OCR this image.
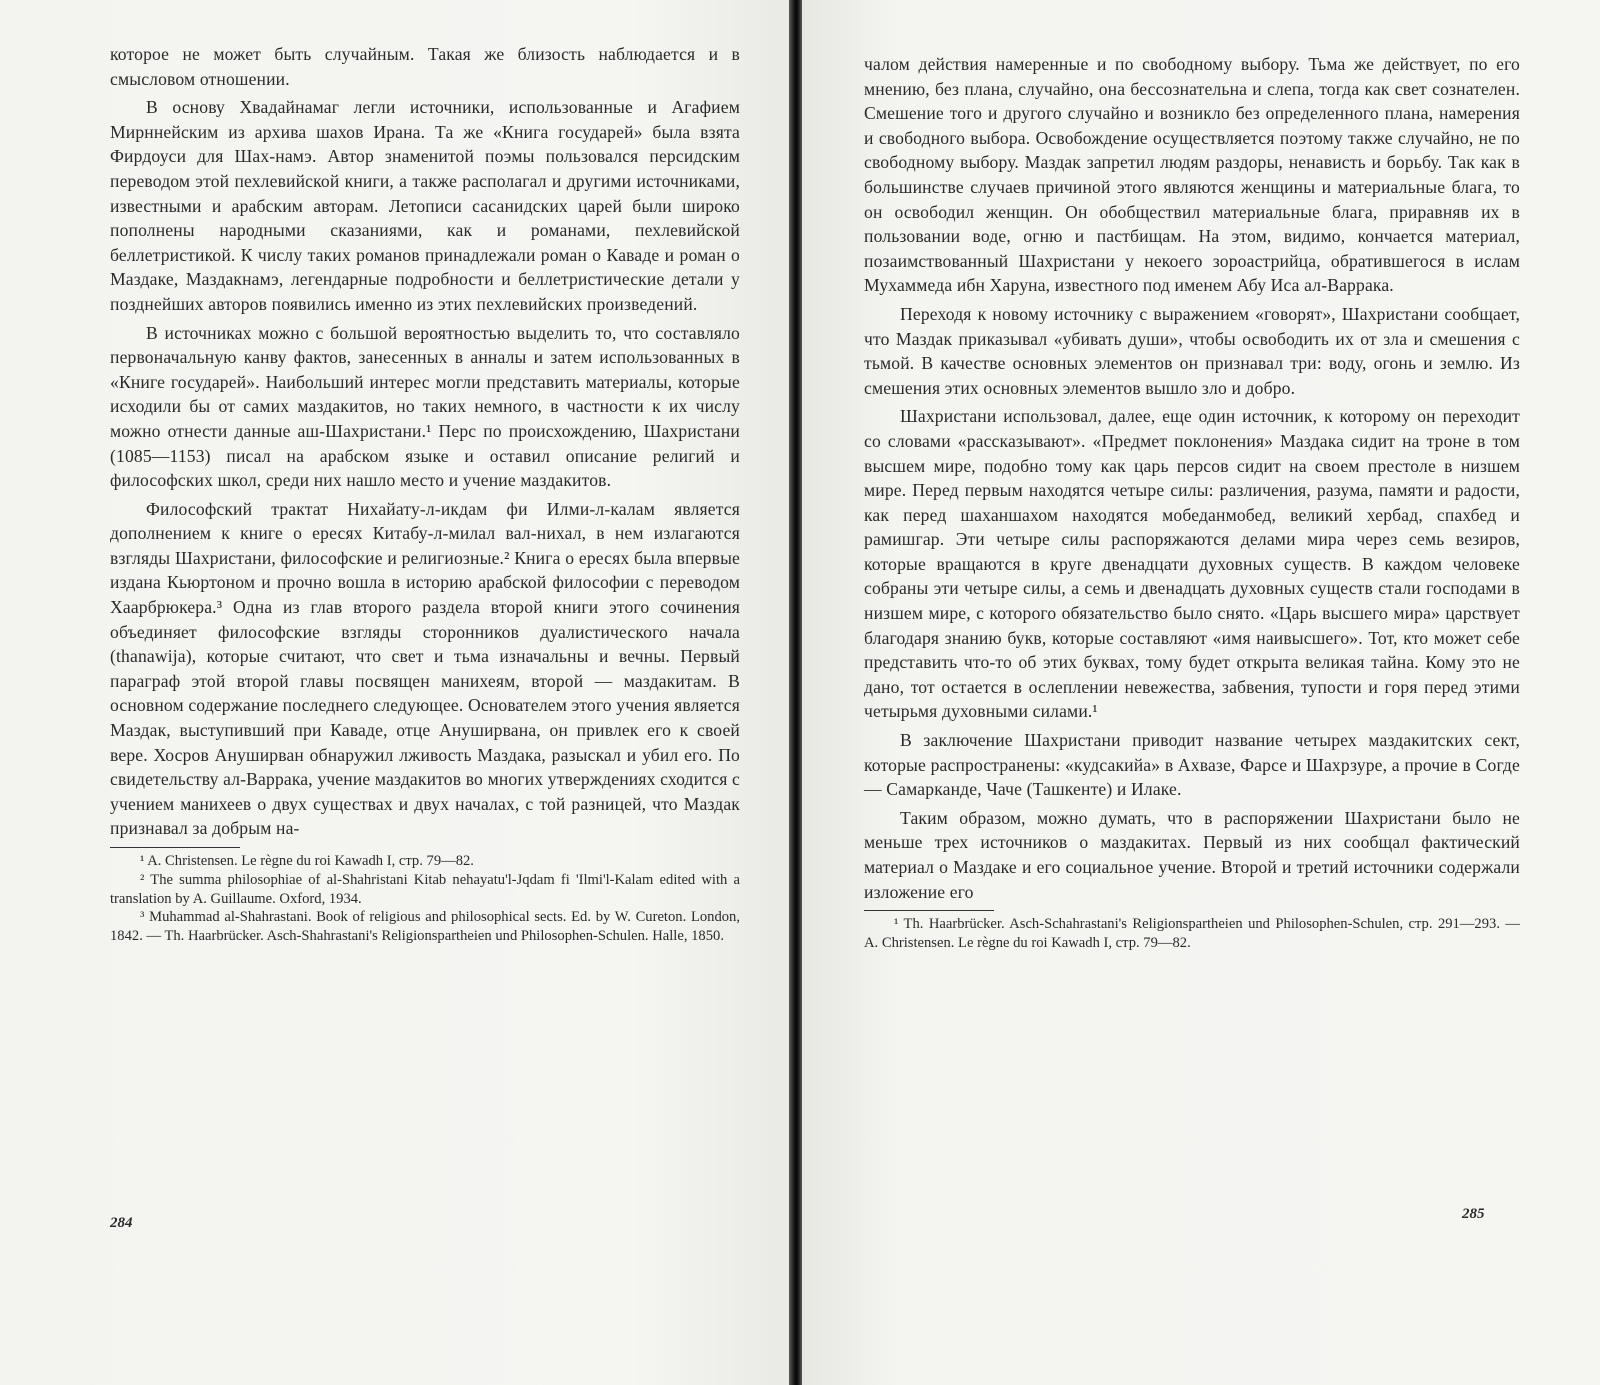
которое не может быть случайным. Такая же близость наблюдается и в смысловом отношении.

В основу Хвадайнамаг легли источники, использованные и Агафием Мирннейским из архива шахов Ирана. Та же «Книга государей» была взята Фирдоуси для Шах-намэ. Автор знаменитой поэмы пользовался персидским переводом этой пехлевийской книги, а также располагал и другими источниками, известными и арабским авторам. Летописи сасанидских царей были широко пополнены народными сказаниями, как и романами, пехлевийской беллетристикой. К числу таких романов принадлежали роман о Каваде и роман о Маздаке, Маздакнамэ, легендарные подробности и беллетристические детали у позднейших авторов появились именно из этих пехлевийских произведений.

В источниках можно с большой вероятностью выделить то, что составляло первоначальную канву фактов, занесенных в анналы и затем использованных в «Книге государей». Наибольший интерес могли представить материалы, которые исходили бы от самих маздакитов, но таких немного, в частности к их числу можно отнести данные аш-Шахристани.¹ Перс по происхождению, Шахристани (1085—1153) писал на арабском языке и оставил описание религий и философских школ, среди них нашло место и учение маздакитов.

Философский трактат Нихайату-л-икдам фи Илми-л-калам является дополнением к книге о ересях Китабу-л-милал вал-нихал, в нем излагаются взгляды Шахристани, философские и религиозные.² Книга о ересях была впервые издана Кьюртоном и прочно вошла в историю арабской философии с переводом Хаарбрюкера.³ Одна из глав второго раздела второй книги этого сочинения объединяет философские взгляды сторонников дуалистического начала (thanawija), которые считают, что свет и тьма изначальны и вечны. Первый параграф этой второй главы посвящен манихеям, второй — маздакитам. В основном содержание последнего следующее. Основателем этого учения является Маздак, выступивший при Каваде, отце Ануширвана, он привлек его к своей вере. Хосров Ануширван обнаружил лживость Маздака, разыскал и убил его. По свидетельству ал-Варрака, учение маздакитов во многих утверждениях сходится с учением манихеев о двух существах и двух началах, с той разницей, что Маздак признавал за добрым на-

¹ A. Christensen. Le règne du roi Kawadh I, стр. 79—82.

² The summa philosophiae of al-Shahristani Kitab nehayatu'l-Jqdam fi 'Ilmi'l-Kalam edited with a translation by A. Guillaume. Oxford, 1934.

³ Muhammad al-Shahrastani. Book of religious and philosophical sects. Ed. by W. Cureton. London, 1842. — Th. Haarbrücker. Asch-Shahrastani's Religionspartheien und Philosophen-Schulen. Halle, 1850.

чалом действия намеренные и по свободному выбору. Тьма же действует, по его мнению, без плана, случайно, она бессознательна и слепа, тогда как свет сознателен. Смешение того и другого случайно и возникло без определенного плана, намерения и свободного выбора. Освобождение осуществляется поэтому также случайно, не по свободному выбору. Маздак запретил людям раздоры, ненависть и борьбу. Так как в большинстве случаев причиной этого являются женщины и материальные блага, то он освободил женщин. Он обобществил материальные блага, приравняв их в пользовании воде, огню и пастбищам. На этом, видимо, кончается материал, позаимствованный Шахристани у некоего зороастрийца, обратившегося в ислам Мухаммеда ибн Харуна, известного под именем Абу Иса ал-Варрака.

Переходя к новому источнику с выражением «говорят», Шахристани сообщает, что Маздак приказывал «убивать души», чтобы освободить их от зла и смешения с тьмой. В качестве основных элементов он признавал три: воду, огонь и землю. Из смешения этих основных элементов вышло зло и добро.

Шахристани использовал, далее, еще один источник, к которому он переходит со словами «рассказывают». «Предмет поклонения» Маздака сидит на троне в том высшем мире, подобно тому как царь персов сидит на своем престоле в низшем мире. Перед первым находятся четыре силы: различения, разума, памяти и радости, как перед шаханшахом находятся мобеданмобед, великий хербад, спахбед и рамишгар. Эти четыре силы распоряжаются делами мира через семь везиров, которые вращаются в круге двенадцати духовных существ. В каждом человеке собраны эти четыре силы, а семь и двенадцать духовных существ стали господами в низшем мире, с которого обязательство было снято. «Царь высшего мира» царствует благодаря знанию букв, которые составляют «имя наивысшего». Тот, кто может себе представить что-то об этих буквах, тому будет открыта великая тайна. Кому это не дано, тот остается в ослеплении невежества, забвения, тупости и горя перед этими четырьмя духовными силами.¹

В заключение Шахристани приводит название четырех маздакитских сект, которые распространены: «кудсакийа» в Ахвазе, Фарсе и Шахрзуре, а прочие в Согде — Самарканде, Чаче (Ташкенте) и Илаке.

Таким образом, можно думать, что в распоряжении Шахристани было не меньше трех источников о маздакитах. Первый из них сообщал фактический материал о Маздаке и его социальное учение. Второй и третий источники содержали изложение его

¹ Th. Haarbrücker. Asch-Schahrastani's Religionspartheien und Philosophen-Schulen, стр. 291—293. — A. Christensen. Le règne du roi Kawadh I, стр. 79—82.

284
285
